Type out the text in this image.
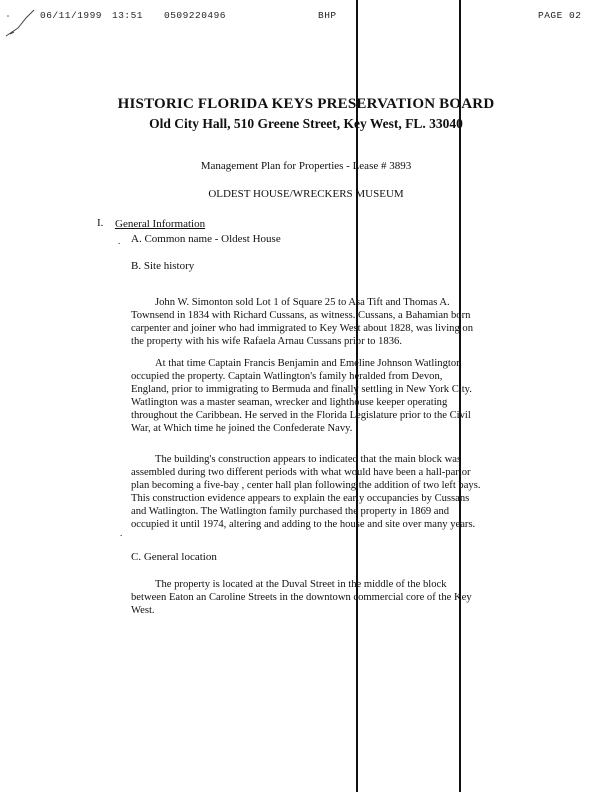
06/11/1999 13:51 0509220496	BHP	PAGE 02
HISTORIC FLORIDA KEYS PRESERVATION BOARD
Old City Hall, 510 Greene Street, Key West, FL. 33040
Management Plan for Properties - Lease # 3893
OLDEST HOUSE/WRECKERS MUSEUM
I. General Information
. A. Common name - Oldest House
B. Site history
John W. Simonton sold Lot 1 of Square 25 to Asa Tift and Thomas A.
Townsend in 1834 with Richard Cussans, as witness. Cussans, a Bahamian born
carpenter and joiner who had immigrated to Key West about 1828, was living on
the property with his wife Rafaela Arnau Cussans prior to 1836.
At that time Captain Francis Benjamin and Emeline Johnson Watlington
occupied the property. Captain Watlington's family heralded from Devon,
England, prior to immigrating to Bermuda and finally settling in New York City.
Watlington was a master seaman, wrecker and lighthouse keeper operating
throughout the Caribbean. He served in the Florida Legislature prior to the Civil
War, at Which time he joined the Confederate Navy.
The building's construction appears to indicated that the main block was
assembled during two different periods with what would have been a hall-parlor
plan becoming a five-bay , center hall plan following the addition of two left bays.
This construction evidence appears to explain the early occupancies by Cussans
and Watlington. The Watlington family purchased the property in 1869 and
occupied it until 1974, altering and adding to the house and site over many years.
C. General location
.
The property is located at the Duval Street in the middle of the block
between Eaton an Caroline Streets in the downtown commercial core of the Key
West.
